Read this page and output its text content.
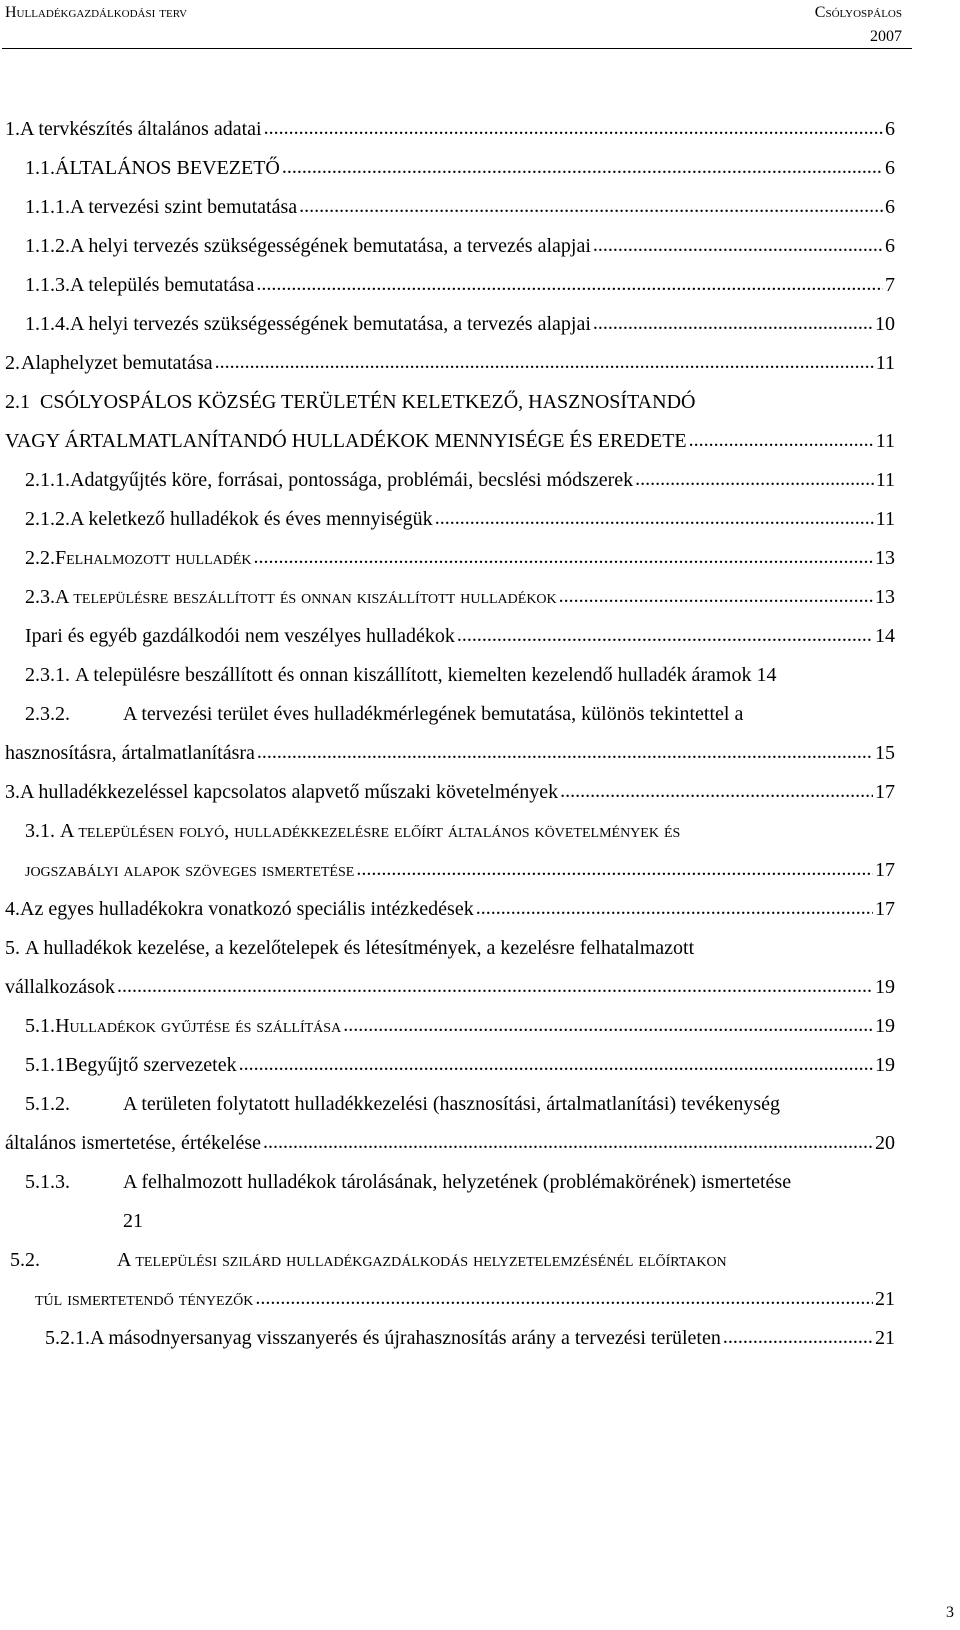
Hulladékgazdálkodási terv	Csólyospálos
2007
1. A tervkészítés általános adatai .....	6
1.1. ÁLTALÁNOS BEVEZETŐ .....	6
1.1.1. A tervezési szint bemutatása .....	6
1.1.2. A helyi tervezés szükségességének bemutatása, a tervezés alapjai .....	6
1.1.3. A település bemutatása .....	7
1.1.4. A helyi tervezés szükségességének bemutatása, a tervezés alapjai .....	10
2. Alaphelyzet bemutatása .....	11
2.1 CSÓLYOSPÁLOS KÖZSÉG TERÜLETÉN KELETKEZŐ, HASZNOSÍTANDÓ
VAGY ÁRTALMATLANÍTANDÓ HULLADÉKOK MENNYISÉGE ÉS EREDETE .....	11
2.1.1. Adatgyűjtés köre, forrásai, pontossága, problémái, becslési módszerek .....	11
2.1.2. A keletkező hulladékok és éves mennyiségük .....	11
2.2. Felhalmozott hulladék .....	13
2.3. A településre beszállított és onnan kiszállított hulladékok .....	13
Ipari és egyéb gazdálkodói nem veszélyes hulladékok .....	14
2.3.1. A településre beszállított és onnan kiszállított, kiemelten kezelendő hulladék áramok 14
2.3.2.	A tervezési terület éves hulladékmérlegének bemutatása, különös tekintettel a
hasznosításra, ártalmatlanításra .....	15
3. A hulladékkezeléssel kapcsolatos alapvető műszaki követelmények .....	17
3.1. A településen folyó, hulladékkezelésre előírt általános követelmények és
jogszabályi alapok szöveges ismertetése .....	17
4. Az egyes hulladékokra vonatkozó speciális intézkedések .....	17
5. A hulladékok kezelése, a kezelőtelepek és létesítmények, a kezelésre felhatalmazott
vállalkozások .....	19
5.1. Hulladékok gyűjtése és szállítása .....	19
5.1.1 Begyűjtő szervezetek .....	19
5.1.2.	A területen folytatott hulladékkezelési (hasznosítási, ártalmatlanítási) tevékenység
általános ismertetése, értékelése .....	20
5.1.3.	A felhalmozott hulladékok tárolásának, helyzetének (problémakörének) ismertetése
21
5.2.	A települési szilárd hulladékgazdálkodás helyzetelemzésénél előírtakon
túl ismertetendő tényezők .....	21
5.2.1. A másodnyersanyag visszanyerés és újrahasznosítás arány a tervezési területen .....	21
3
